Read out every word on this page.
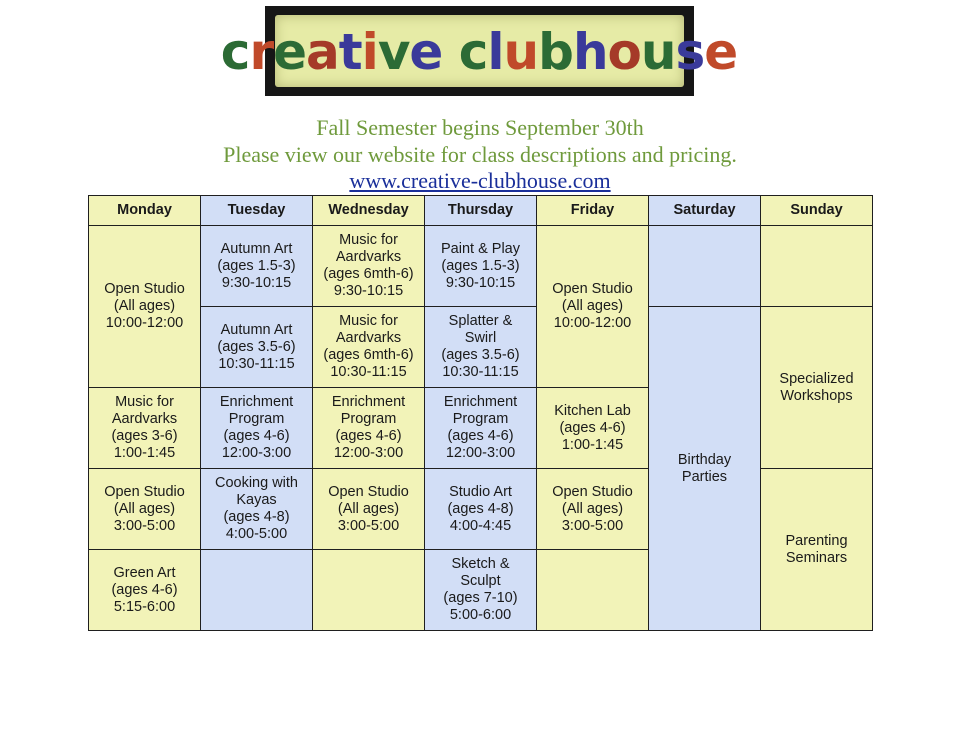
creative clubhouse
Fall Semester begins September 30th
Please view our website for class descriptions and pricing.
www.creative-clubhouse.com
Monday	Tuesday	Wednesday	Thursday	Friday	Saturday	Sunday
Open Studio
(All ages)
10:00-12:00	Autumn Art
(ages 1.5-3)
9:30-10:15	Music for
Aardvarks
(ages 6mth-6)
9:30-10:15	Paint & Play
(ages 1.5-3)
9:30-10:15	Open Studio
(All ages)
10:00-12:00		
	Autumn Art
(ages 3.5-6)
10:30-11:15	Music for
Aardvarks
(ages 6mth-6)
10:30-11:15	Splatter &
Swirl
(ages 3.5-6)
10:30-11:15		Birthday
Parties	Specialized
Workshops
Music for
Aardvarks
(ages 3-6)
1:00-1:45	Enrichment
Program
(ages 4-6)
12:00-3:00	Enrichment
Program
(ages 4-6)
12:00-3:00	Enrichment
Program
(ages 4-6)
12:00-3:00	Kitchen Lab
(ages 4-6)
1:00-1:45		
Open Studio
(All ages)
3:00-5:00	Cooking with
Kayas
(ages 4-8)
4:00-5:00	Open Studio
(All ages)
3:00-5:00	Studio Art
(ages 4-8)
4:00-4:45	Open Studio
(All ages)
3:00-5:00		Parenting
Seminars
Green Art
(ages 4-6)
5:15-6:00			Sketch &
Sculpt
(ages 7-10)
5:00-6:00			
